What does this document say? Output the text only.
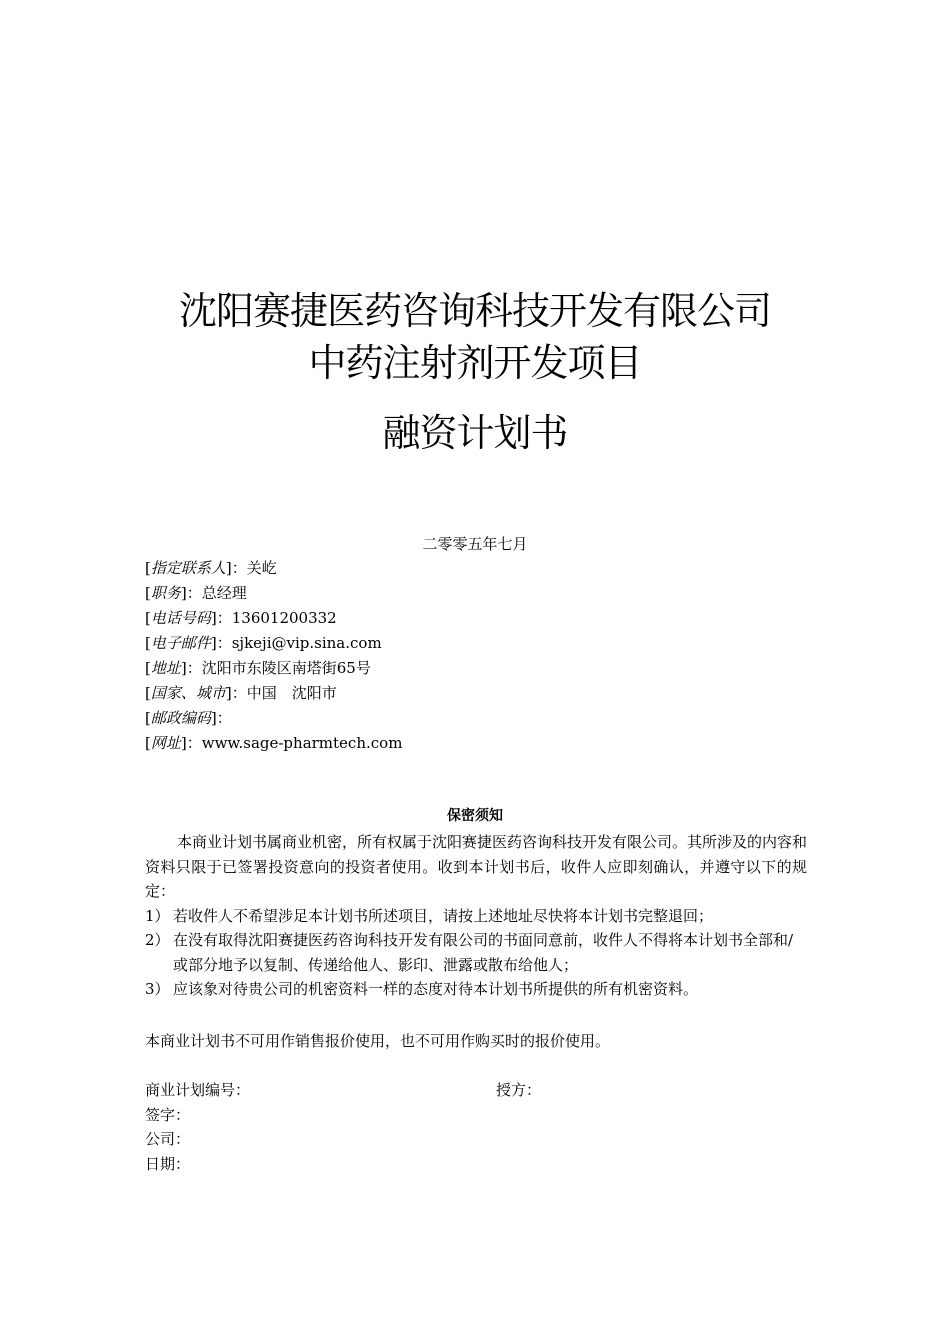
沈阳赛捷医药咨询科技开发有限公司
中药注射剂开发项目
融资计划书
二零零五年七月
[指定联系人]：关屹
[职务]：总经理
[电话号码]：13601200332
[电子邮件]：sjkeji@vip.sina.com
[地址]：沈阳市东陵区南塔街65号
[国家、城市]：中国　沈阳市
[邮政编码]：
[网址]：www.sage-pharmtech.com
保密须知

本商业计划书属商业机密，所有权属于沈阳赛捷医药咨询科技开发有限公司。其所涉及的内容和资料只限于已签署投资意向的投资者使用。收到本计划书后，收件人应即刻确认，并遵守以下的规定：

1） 若收件人不希望涉足本计划书所述项目，请按上述地址尽快将本计划书完整退回；

2） 在没有取得沈阳赛捷医药咨询科技开发有限公司的书面同意前，收件人不得将本计划书全部和/或部分地予以复制、传递给他人、影印、泄露或散布给他人；

3） 应该象对待贵公司的机密资料一样的态度对待本计划书所提供的所有机密资料。

本商业计划书不可用作销售报价使用，也不可用作购买时的报价使用。
商业计划编号：	授方：
签字：
公司：
日期：
